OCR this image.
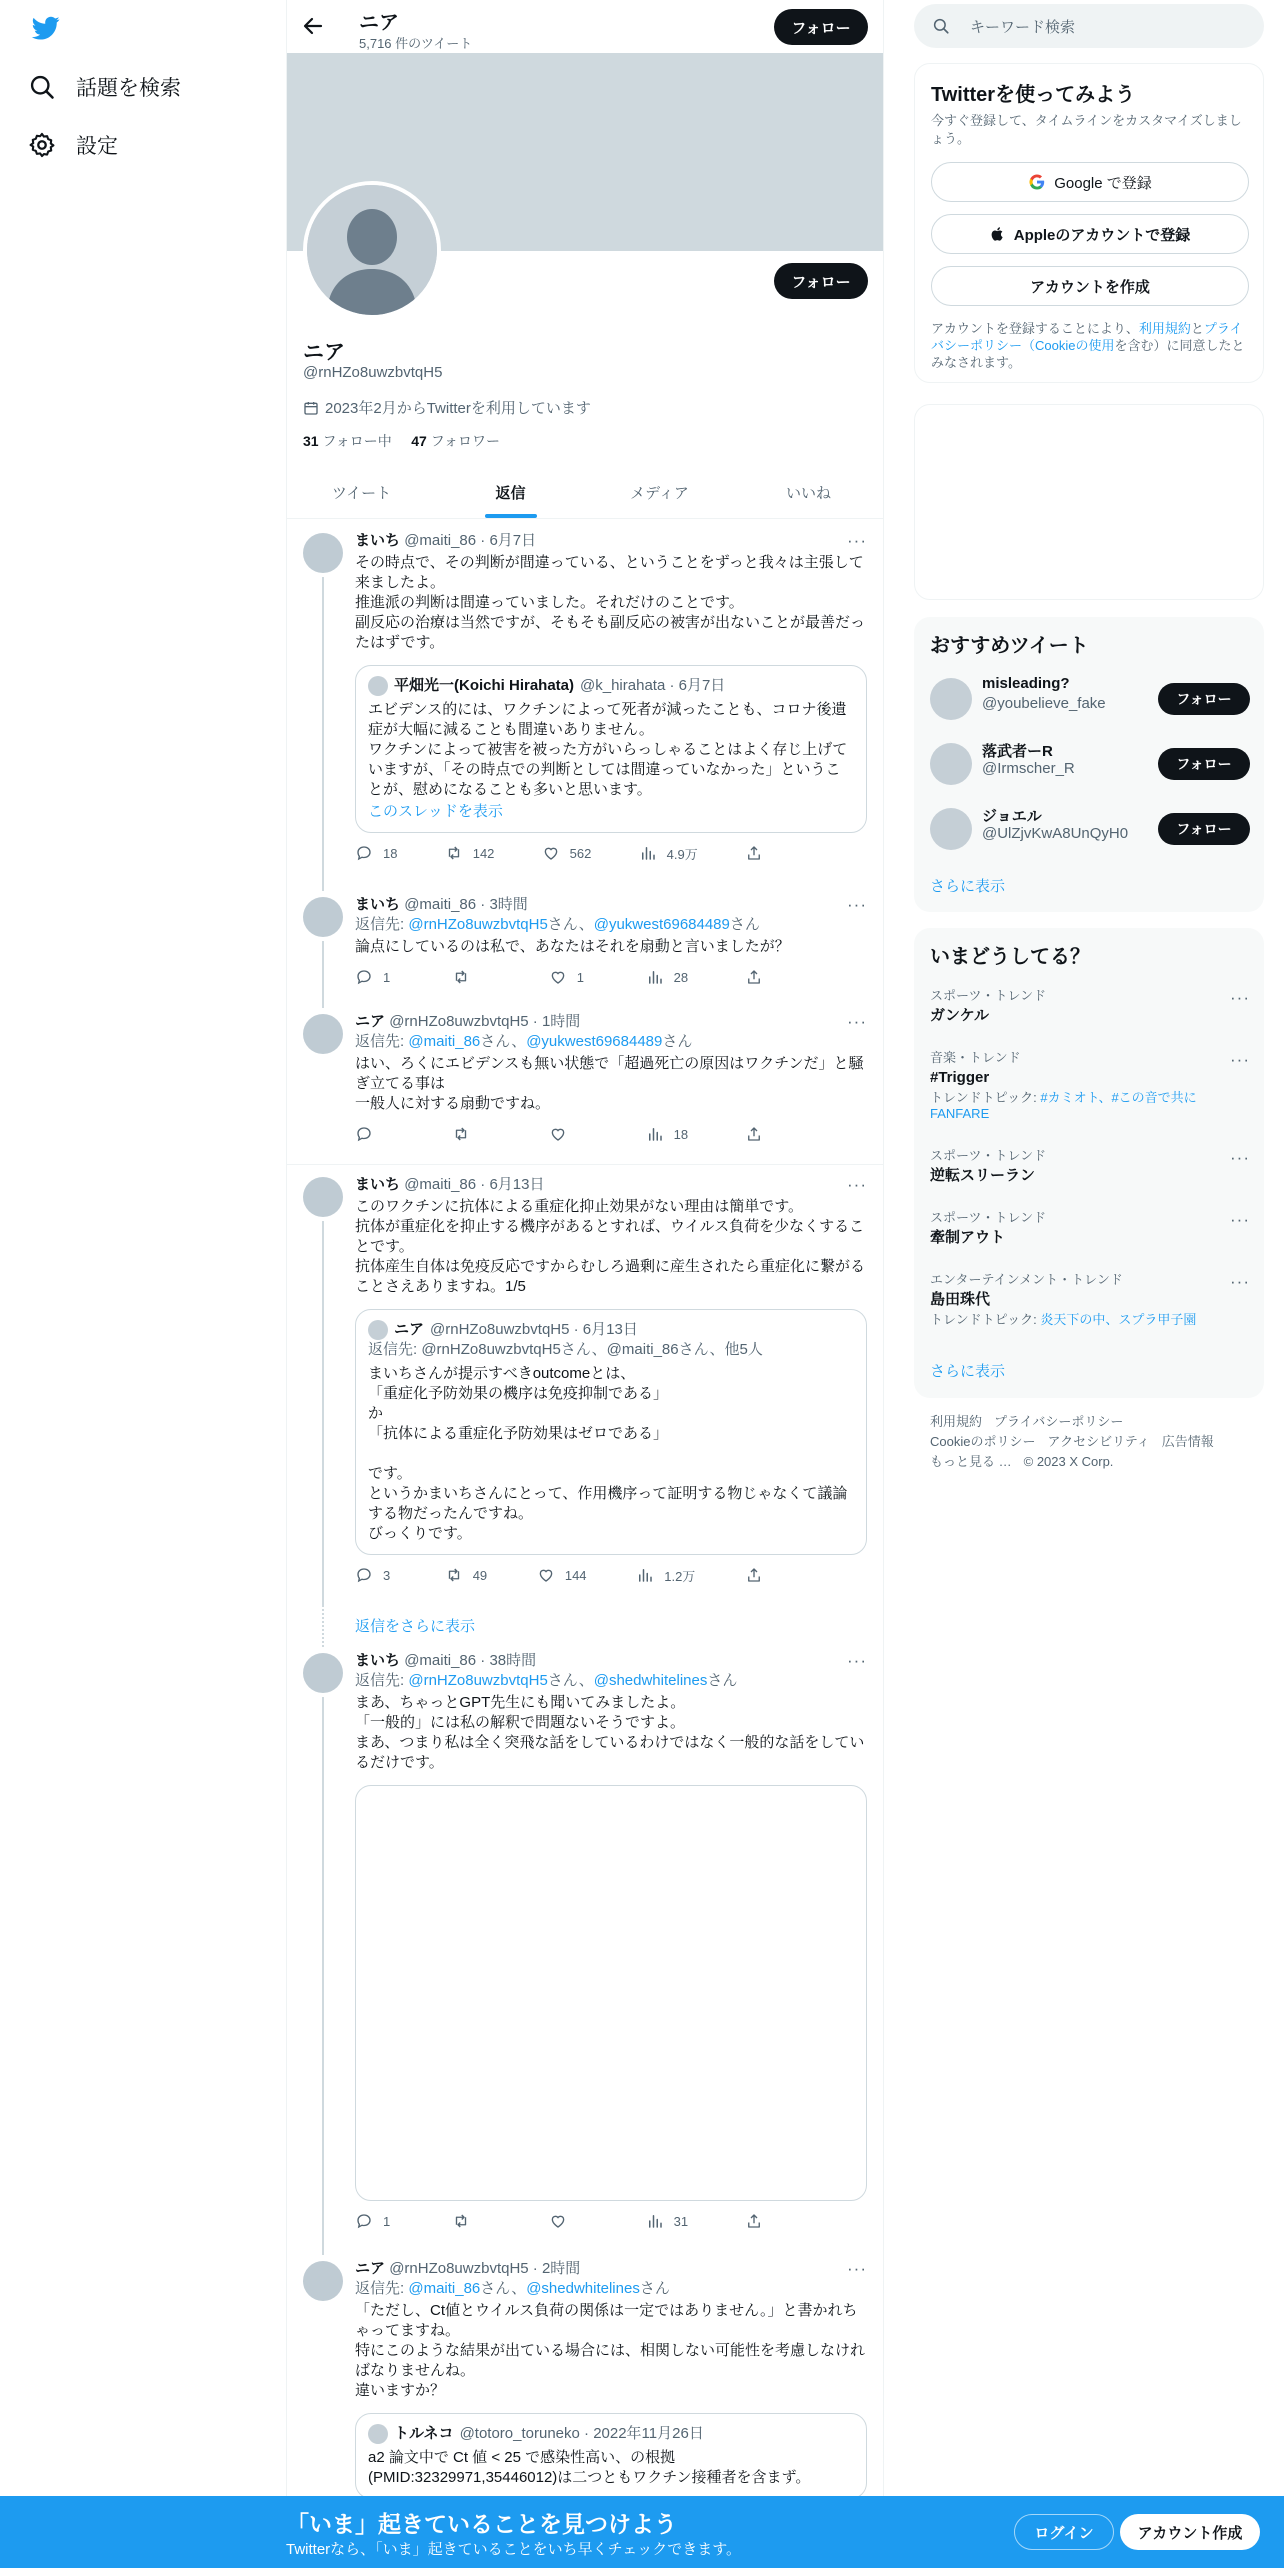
話題を検索
設定
ニア
5,716 件のツイート
フォロー
フォロー
ニア
@rnHZo8uwzbvtqH5
2023年2月からTwitterを利用しています
31 フォロー中 47 フォロワー
ツイート	返信	メディア	いいね
···
まいち @maiti_86 · 6月7日
その時点で、その判断が間違っている、ということをずっと我々は主張して来ましたよ。
推進派の判断は間違っていました。それだけのことです。
副反応の治療は当然ですが、そもそも副反応の被害が出ないことが最善だったはずです。
平畑光一(Koichi Hirahata) @k_hirahata · 6月7日
エビデンス的には、ワクチンによって死者が減ったことも、コロナ後遺症が大幅に減ることも間違いありません。
ワクチンによって被害を被った方がいらっしゃることはよく存じ上げていますが、「その時点での判断としては間違っていなかった」ということが、慰めになることも多いと思います。
このスレッドを表示
18	142	562	4.9万
···
まいち @maiti_86 · 3時間
返信先: @rnHZo8uwzbvtqH5さん、@yukwest69684489さん
論点にしているのは私で、あなたはそれを扇動と言いましたが？
1	1	28
···
ニア @rnHZo8uwzbvtqH5 · 1時間
返信先: @maiti_86さん、@yukwest69684489さん
はい、ろくにエビデンスも無い状態で「超過死亡の原因はワクチンだ」と騒ぎ立てる事は
一般人に対する扇動ですね。
18
···
まいち @maiti_86 · 6月13日
このワクチンに抗体による重症化抑止効果がない理由は簡単です。
抗体が重症化を抑止する機序があるとすれば、ウイルス負荷を少なくすることです。
抗体産生自体は免疫反応ですからむしろ過剰に産生されたら重症化に繋がることさえありますね。1/5
ニア @rnHZo8uwzbvtqH5 · 6月13日
返信先: @rnHZo8uwzbvtqH5さん、@maiti_86さん、他5人
まいちさんが提示すべきoutcomeとは、
「重症化予防効果の機序は免疫抑制である」
か
「抗体による重症化予防効果はゼロである」

です。
というかまいちさんにとって、作用機序って証明する物じゃなくて議論する物だったんですね。
びっくりです。
3	49	144	1.2万
返信をさらに表示
···
まいち @maiti_86 · 38時間
返信先: @rnHZo8uwzbvtqH5さん、@shedwhitelinesさん
まあ、ちゃっとGPT先生にも聞いてみましたよ。
「一般的」には私の解釈で問題ないそうですよ。
まあ、つまり私は全く突飛な話をしているわけではなく一般的な話をしているだけです。
1	31
···
ニア @rnHZo8uwzbvtqH5 · 2時間
返信先: @maiti_86さん、@shedwhitelinesさん
「ただし、Ct値とウイルス負荷の関係は一定ではありません。」と書かれちゃってますね。
特にこのような結果が出ている場合には、相関しない可能性を考慮しなければなりませんね。
違いますか？
トルネコ @totoro_toruneko · 2022年11月26日
a2 論文中で Ct 値 < 25 で感染性高い、の根拠
(PMID:32329971,35446012)は二つともワクチン接種者を含まず。
キーワード検索
Twitterを使ってみよう
今すぐ登録して、タイムラインをカスタマイズしましょう。
Google で登録
Appleのアカウントで登録
アカウントを作成
アカウントを登録することにより、利用規約とプライバシーポリシー（Cookieの使用を含む）に同意したとみなされます。
おすすめツイート
misleading?
@youbelieve_fake	フォロー
落武者ーR
@Irmscher_R	フォロー
ジョエル
@UlZjvKwA8UnQyH0	フォロー
さらに表示
いまどうしてる？
スポーツ・トレンド
ガンケル
···
音楽・トレンド
#Trigger
トレンドトピック: #カミオト、#この音で共にFANFARE
···
スポーツ・トレンド
逆転スリーラン
···
スポーツ・トレンド
牽制アウト
···
エンターテインメント・トレンド
島田珠代
トレンドトピック: 炎天下の中、スプラ甲子園
···
さらに表示
利用規約 プライバシーポリシー
Cookieのポリシー アクセシビリティ 広告情報
もっと見る … © 2023 X Corp.
「いま」起きていることを見つけよう
Twitterなら、「いま」起きていることをいち早くチェックできます。
ログイン	アカウント作成
